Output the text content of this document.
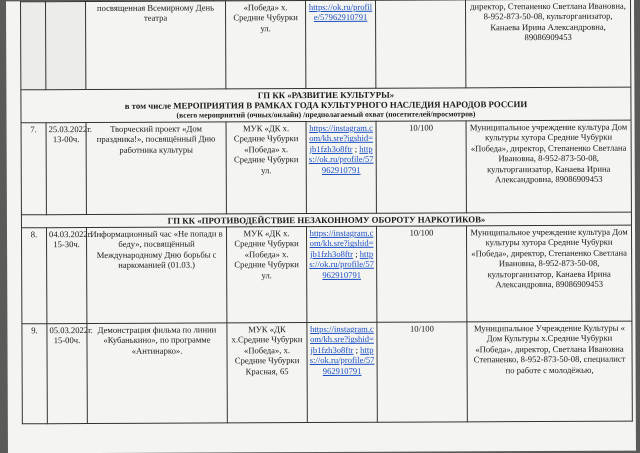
		посвященная Всемирному День театра	«Победа» х. Средние Чубурки ул.	https://ok.ru/profile/57962910791		директор, Степаненко Светлана Ивановна, 8-952-873-50-08, культорганизатор, Канаева Ирина Александровна, 89086909453

ГП КК «РАЗВИТИЕ КУЛЬТУРЫ»
в том числе МЕРОПРИЯТИЯ В РАМКАХ ГОДА КУЛЬТУРНОГО НАСЛЕДИЯ НАРОДОВ РОССИИ
(всего мероприятий (очных/онлайн) /предполагаемый охват (посетителей/просмотров)						

7.	25.03.2022г. 13-00ч.	Творческий проект «Дом праздника!», посвящённый Дню работника культуры	МУК «ДК х. Средние Чубурки «Победа» х. Средние Чубурки ул.	https://instagram.com/kh.sre?igshid=jb1fzh3o8ftr ; https://ok.ru/profile/57962910791	10/100	Муниципальное учреждение культура Дом культуры хутора Средние Чубурки «Победа», директор, Степаненко Светлана Ивановна, 8-952-873-50-08, культорганизатор, Канаева Ирина Александровна, 89086909453
ГП КК «ПРОТИВОДЕЙСТВИЕ НЕЗАКОННОМУ ОБОРОТУ НАРКОТИКОВ»						
8.	04.03.2022г. 15-30ч.	Информационный час «Не попади в беду», посвящённый Международному Дню борьбы с наркоманией (01.03.)	МУК «ДК х. Средние Чубурки «Победа» х. Средние Чубурки ул.	https://instagram.com/kh.sre?igshid=jb1fzh3o8ftr ; https://ok.ru/profile/57962910791	10/100	Муниципальное учреждение культура Дом культуры хутора Средние Чубурки «Победа», директор, Степаненко Светлана Ивановна, 8-952-873-50-08, культорганизатор, Канаева Ирина Александровна, 89086909453
9.	05.03.2022г. 15-00ч.	Демонстрация фильма по линии «Кубанькино», по программе «Антинарко».	МУК «ДК х.Средние Чубурки «Победа», х. Средние Чубурки Красная, 65	https://instagram.com/kh.sre?igshid=jb1fzh3o8ftr ; https://ok.ru/profile/57962910791	10/100	Муниципальное Учреждение Культуры « Дом Культуры х.Средние Чубурки «Победа», директор, Светлана Ивановна Степаненко, 8-952-873-50-08, специалист по работе с молодёжью,
